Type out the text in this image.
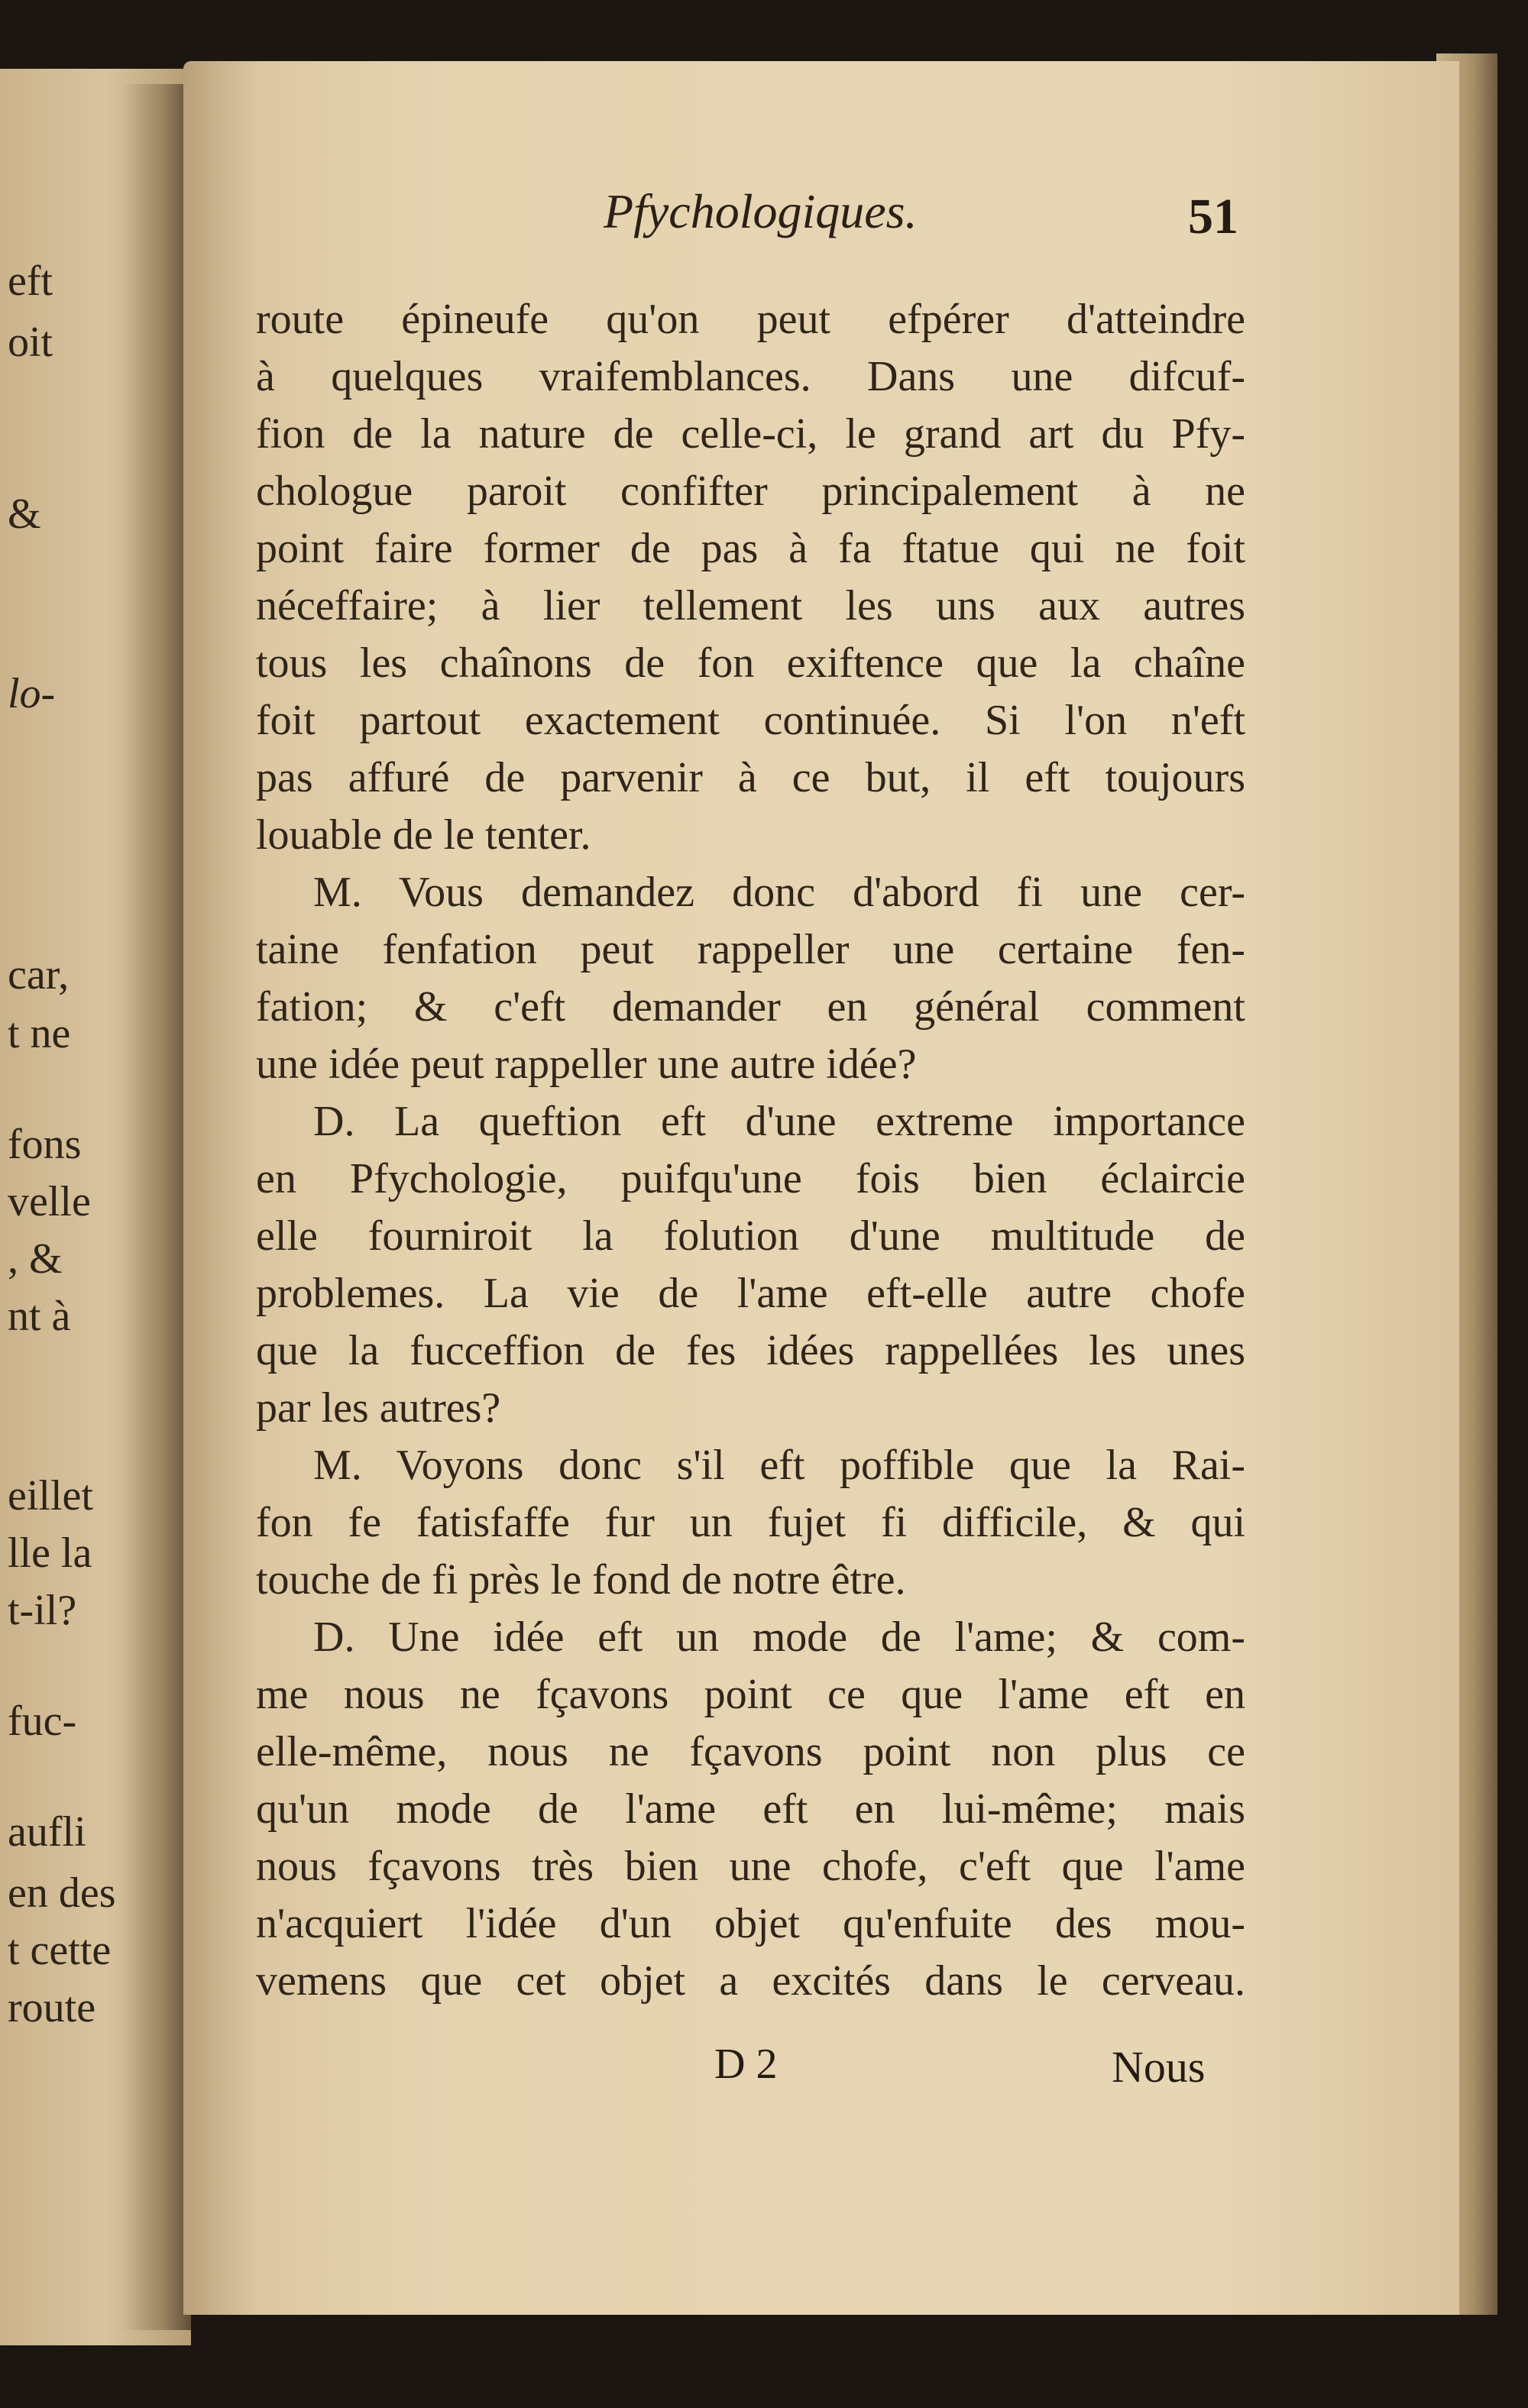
eft

oit

&

lo-

car,

t ne

fons

velle

, &

nt à

eillet

lle la

t-il?

fuc-

aufli

en des

t cette

route

Pfychologiques.	51

route épineufe qu'on peut efpérer d'atteindre

à quelques vraifemblances. Dans une difcuf-

fion de la nature de celle-ci, le grand art du Pfy-

chologue paroit confifter principalement à ne

point faire former de pas à fa ftatue qui ne foit

néceffaire; à lier tellement les uns aux autres

tous les chaînons de fon exiftence que la chaîne

foit partout exactement continuée. Si l'on n'eft

pas affuré de parvenir à ce but, il eft toujours

louable de le tenter.

M. Vous demandez donc d'abord fi une cer-

taine fenfation peut rappeller une certaine fen-

fation; & c'eft demander en général comment

une idée peut rappeller une autre idée?

D. La queftion eft d'une extreme importance

en Pfychologie, puifqu'une fois bien éclaircie

elle fourniroit la folution d'une multitude de

problemes. La vie de l'ame eft-elle autre chofe

que la fucceffion de fes idées rappellées les unes

par les autres?

M. Voyons donc s'il eft poffible que la Rai-

fon fe fatisfaffe fur un fujet fi difficile, & qui

touche de fi près le fond de notre être.

D. Une idée eft un mode de l'ame; & com-

me nous ne fçavons point ce que l'ame eft en

elle-même, nous ne fçavons point non plus ce

qu'un mode de l'ame eft en lui-même; mais

nous fçavons très bien une chofe, c'eft que l'ame

n'acquiert l'idée d'un objet qu'enfuite des mou-

vemens que cet objet a excités dans le cerveau.

D 2	Nous
